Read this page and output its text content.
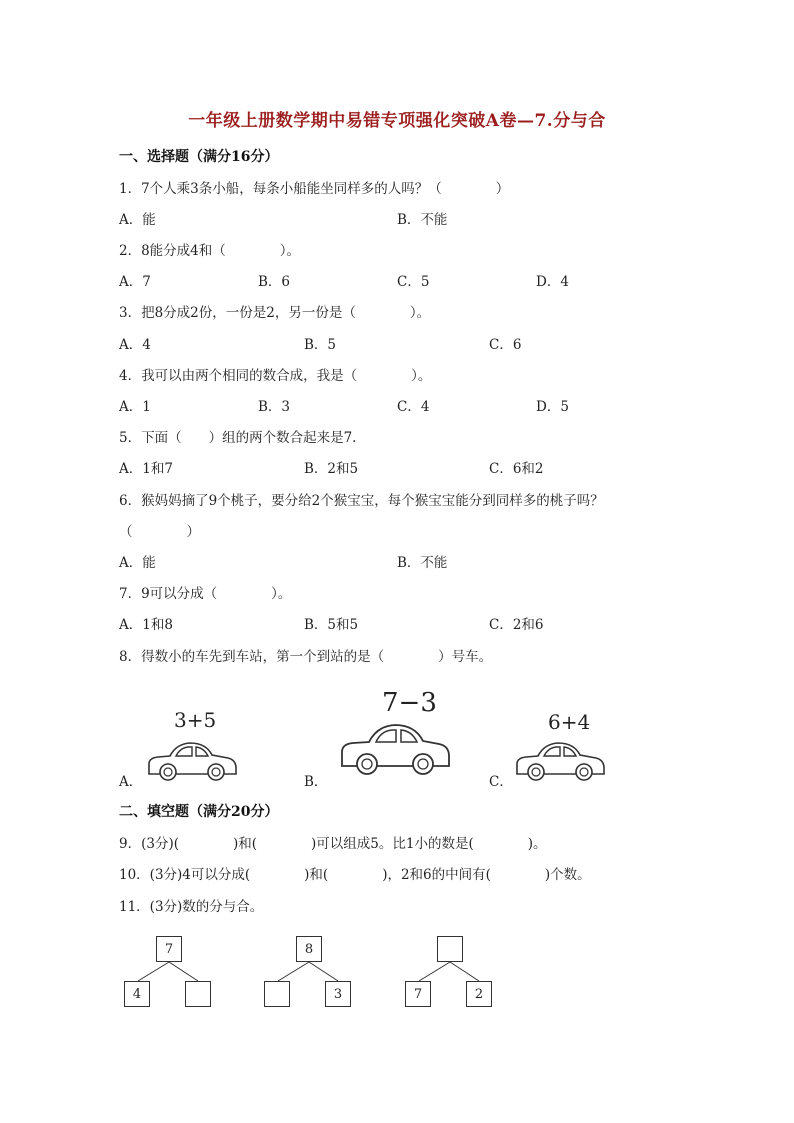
一年级上册数学期中易错专项强化突破A卷—7.分与合
一、选择题（满分16分）
1．7个人乘3条小船，每条小船能坐同样多的人吗？（　　　　）
A．能	B．不能
2．8能分成4和（　　　　）。
A．7	B．6	C．5	D．4
3．把8分成2份，一份是2，另一份是（　　　　）。
A．4	B．5	C．6
4．我可以由两个相同的数合成，我是（　　　　）。
A．1	B．3	C．4	D．5
5．下面（　　）组的两个数合起来是7.
A．1和7	B．2和5	C．6和2
6．猴妈妈摘了9个桃子，要分给2个猴宝宝，每个猴宝宝能分到同样多的桃子吗？
（　　　　）
A．能	B．不能
7．9可以分成（　　　　）。
A．1和8	B．5和5	C．2和6
8．得数小的车先到车站，第一个到站的是（　　　　）号车。
A．
3+5
B．
7−3
C．
6+4
二、填空题（满分20分）
9．(3分)(　　　　)和(　　　　)可以组成5。比1小的数是(　　　　)。
10．(3分)4可以分成(　　　　)和(　　　　)，2和6的中间有(　　　　)个数。
11．(3分)数的分与合。
7
4
8
3	7	2
